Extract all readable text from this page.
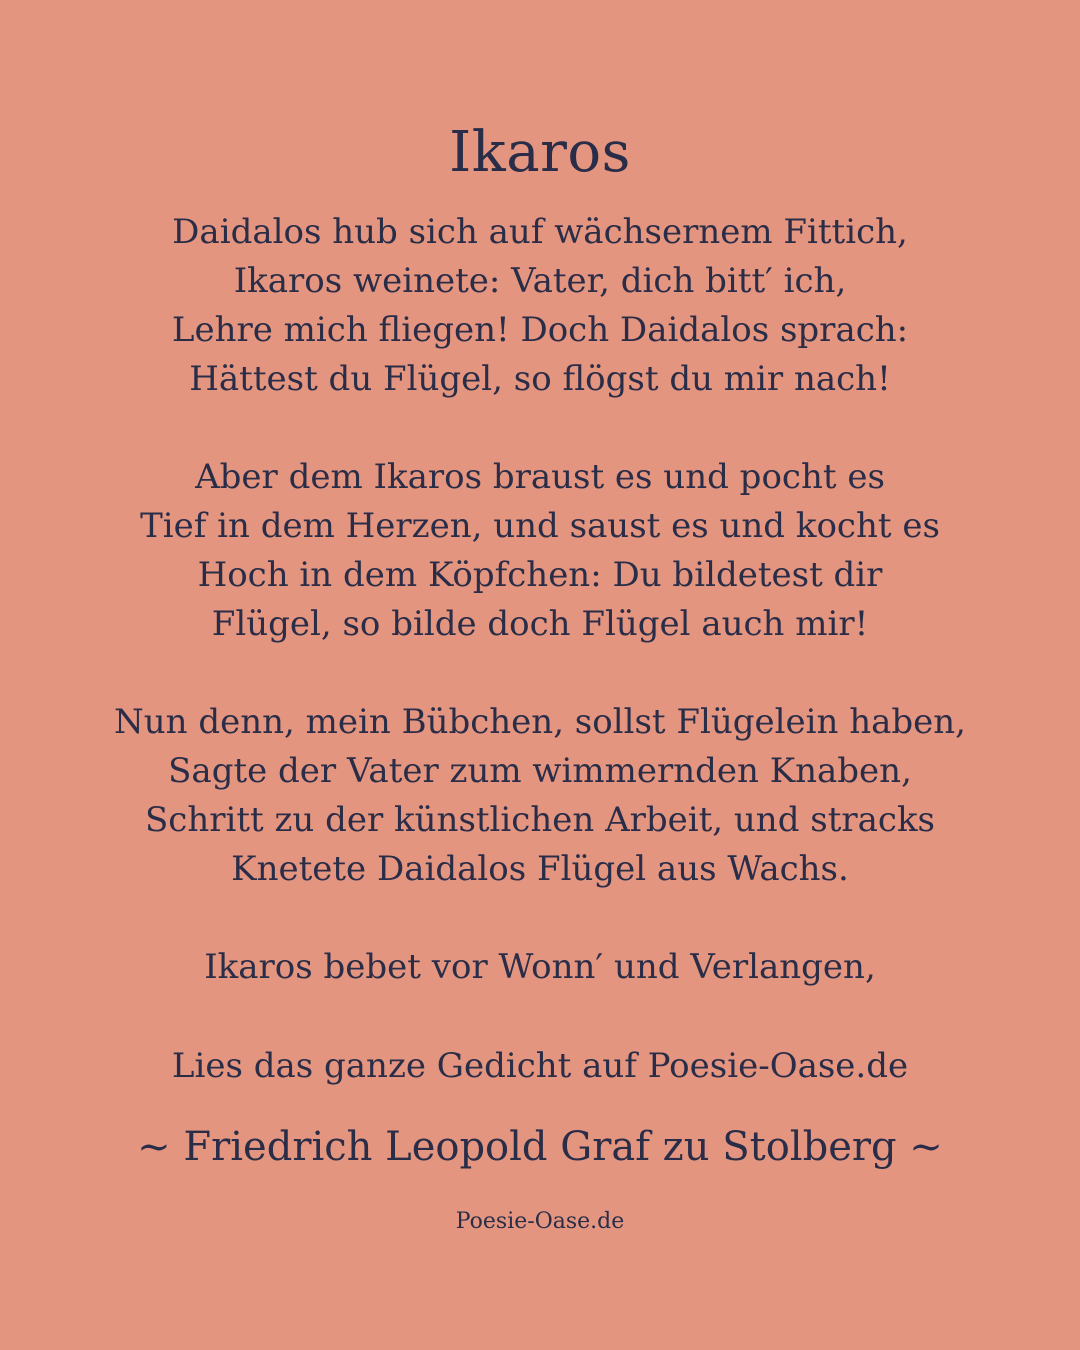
Ikaros
Daidalos hub sich auf wächsernem Fittich,
Ikaros weinete: Vater, dich bitt′ ich,
Lehre mich fliegen! Doch Daidalos sprach:
Hättest du Flügel, so flögst du mir nach!
Aber dem Ikaros braust es und pocht es
Tief in dem Herzen, und saust es und kocht es
Hoch in dem Köpfchen: Du bildetest dir
Flügel, so bilde doch Flügel auch mir!
Nun denn, mein Bübchen, sollst Flügelein haben,
Sagte der Vater zum wimmernden Knaben,
Schritt zu der künstlichen Arbeit, und stracks
Knetete Daidalos Flügel aus Wachs.
Ikaros bebet vor Wonn′ und Verlangen,
Lies das ganze Gedicht auf Poesie-Oase.de
~ Friedrich Leopold Graf zu Stolberg ~
Poesie-Oase.de
